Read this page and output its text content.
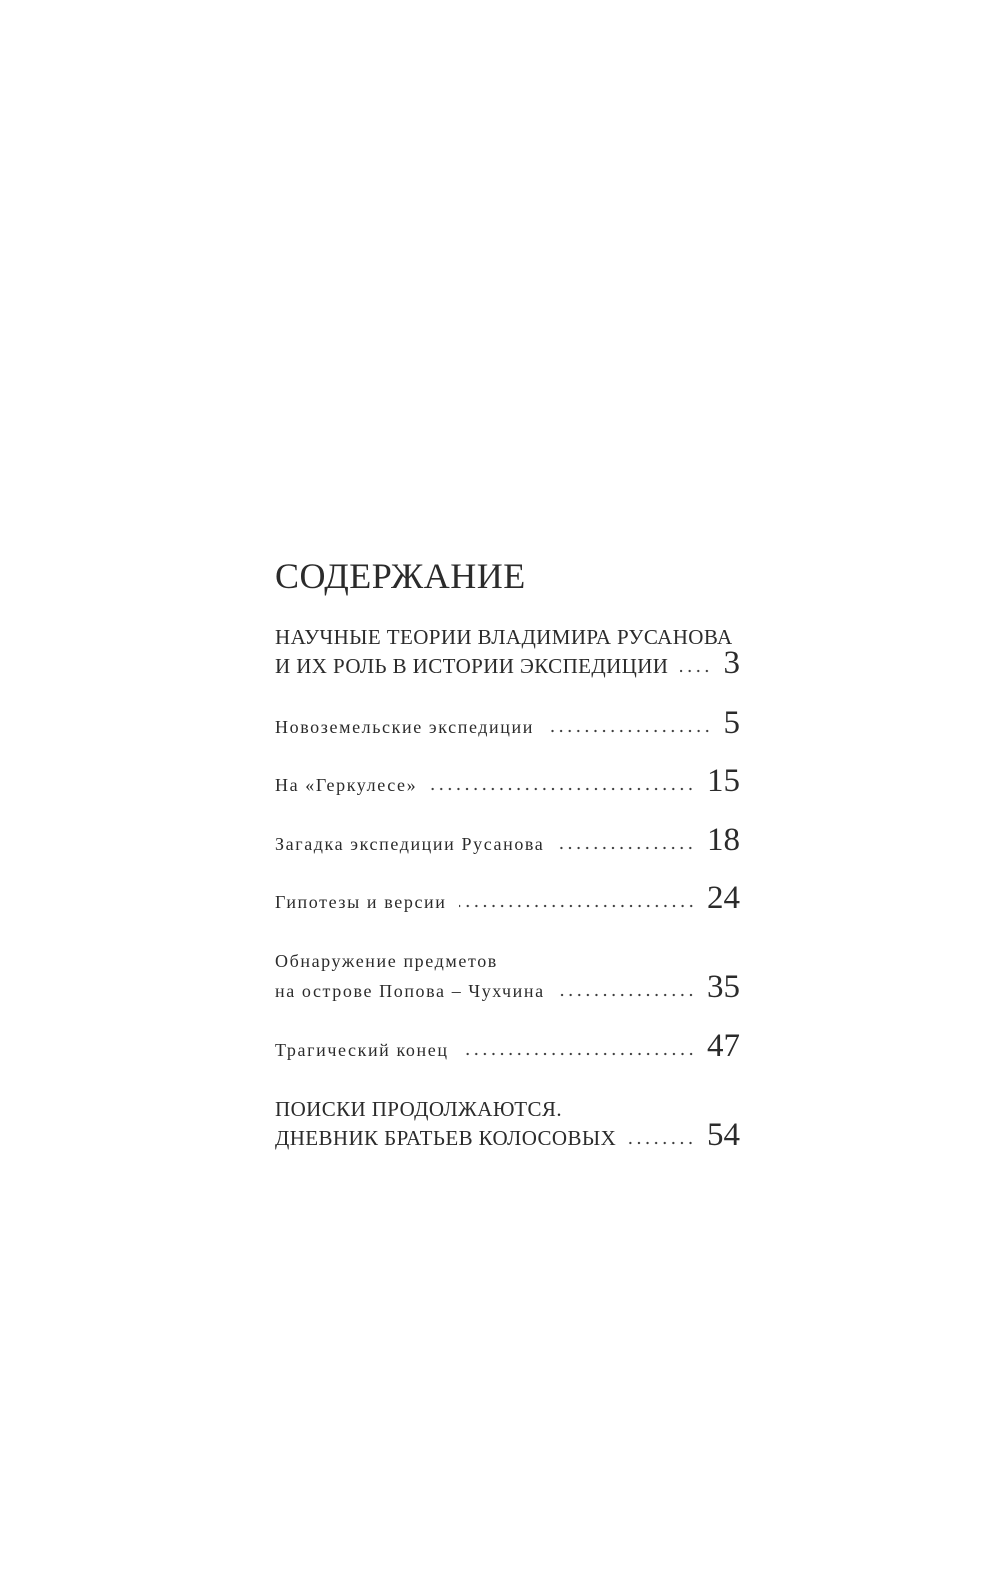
СОДЕРЖАНИЕ
НАУЧНЫЕ ТЕОРИИ ВЛАДИМИРА РУСАНОВА
И ИХ РОЛЬ В ИСТОРИИ ЭКСПЕДИЦИИ 3
Новоземельские экспедиции	5
На «Геркулесе»	15
Загадка экспедиции Русанова	18
Гипотезы и версии	24
Обнаружение предметов
на острове Попова – Чухчина	35
Трагический конец	47
ПОИСКИ ПРОДОЛЖАЮТСЯ.
ДНЕВНИК БРАТЬЕВ КОЛОСОВЫХ	54
